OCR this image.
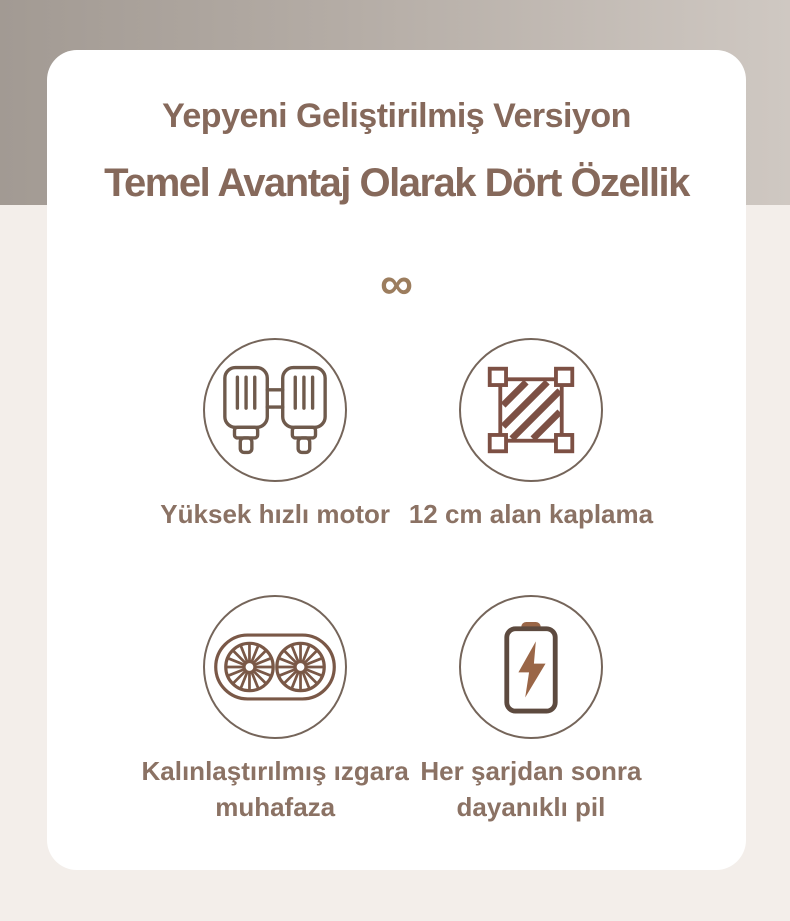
Yepyeni Geliştirilmiş Versiyon
Temel Avantaj Olarak Dört Özellik
∞
Yüksek hızlı motor 12 cm alan kaplama
Kalınlaştırılmış ızgara
muhafaza
Her şarjdan sonra
dayanıklı pil
